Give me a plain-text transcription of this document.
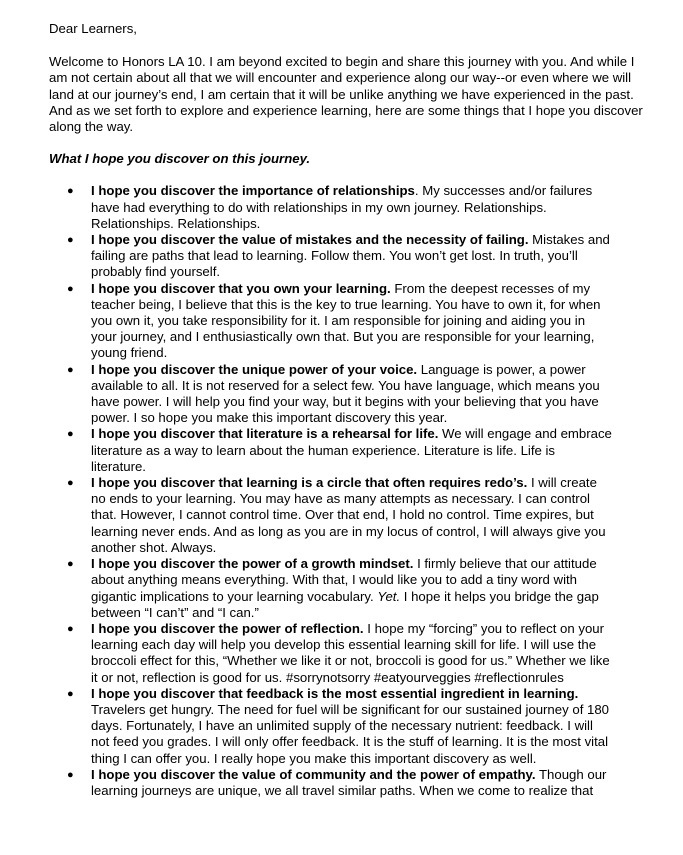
Dear Learners,

Welcome to Honors LA 10. I am beyond excited to begin and share this journey with you. And while I am not certain about all that we will encounter and experience along our way--or even where we will land at our journey’s end, I am certain that it will be unlike anything we have experienced in the past. And as we set forth to explore and experience learning, here are some things that I hope you discover along the way.

What I hope you discover on this journey.

● I hope you discover the importance of relationships. My successes and/or failures have had everything to do with relationships in my own journey. Relationships. Relationships. Relationships.
● I hope you discover the value of mistakes and the necessity of failing. Mistakes and failing are paths that lead to learning. Follow them. You won’t get lost. In truth, you’ll probably find yourself.
● I hope you discover that you own your learning. From the deepest recesses of my teacher being, I believe that this is the key to true learning. You have to own it, for when you own it, you take responsibility for it. I am responsible for joining and aiding you in your journey, and I enthusiastically own that. But you are responsible for your learning, young friend.
● I hope you discover the unique power of your voice. Language is power, a power available to all. It is not reserved for a select few. You have language, which means you have power. I will help you find your way, but it begins with your believing that you have power. I so hope you make this important discovery this year.
● I hope you discover that literature is a rehearsal for life. We will engage and embrace literature as a way to learn about the human experience. Literature is life. Life is literature.
● I hope you discover that learning is a circle that often requires redo’s. I will create no ends to your learning. You may have as many attempts as necessary. I can control that. However, I cannot control time. Over that end, I hold no control. Time expires, but learning never ends. And as long as you are in my locus of control, I will always give you another shot. Always.
● I hope you discover the power of a growth mindset. I firmly believe that our attitude about anything means everything. With that, I would like you to add a tiny word with gigantic implications to your learning vocabulary. Yet. I hope it helps you bridge the gap between “I can’t” and “I can.”
● I hope you discover the power of reflection. I hope my “forcing” you to reflect on your learning each day will help you develop this essential learning skill for life. I will use the broccoli effect for this, “Whether we like it or not, broccoli is good for us.” Whether we like it or not, reflection is good for us. #sorrynotsorry #eatyourveggies #reflectionrules
● I hope you discover that feedback is the most essential ingredient in learning. Travelers get hungry. The need for fuel will be significant for our sustained journey of 180 days. Fortunately, I have an unlimited supply of the necessary nutrient: feedback. I will not feed you grades. I will only offer feedback. It is the stuff of learning. It is the most vital thing I can offer you. I really hope you make this important discovery as well.
● I hope you discover the value of community and the power of empathy. Though our learning journeys are unique, we all travel similar paths. When we come to realize that
